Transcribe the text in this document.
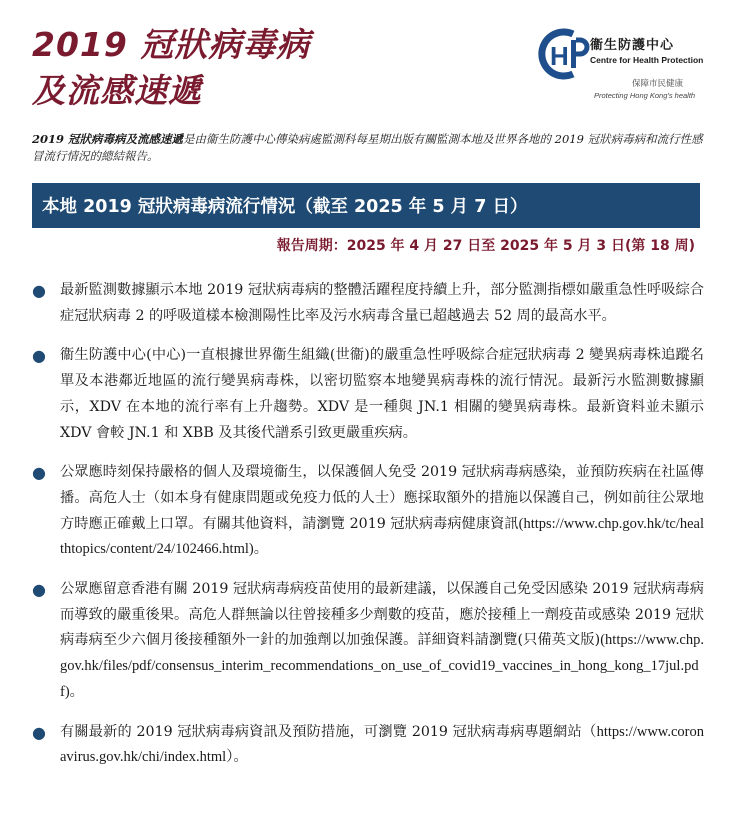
2019 冠狀病毒病
及流感速遞
H 衞生防護中心
Centre for Health Protection
保障市民健康
Protecting Hong Kong's health

2019 冠狀病毒病及流感速遞是由衞生防護中心傳染病處監測科每星期出版有關監測本地及世界各地的 2019 冠狀病毒病和流行性感冒流行情況的總結報告。

本地 2019 冠狀病毒病流行情況（截至 2025 年 5 月 7 日）

報告周期：2025 年 4 月 27 日至 2025 年 5 月 3 日(第 18 周)

● 最新監測數據顯示本地 2019 冠狀病毒病的整體活躍程度持續上升，部分監測指標如嚴重急性呼吸綜合症冠狀病毒 2 的呼吸道樣本檢測陽性比率及污水病毒含量已超越過去 52 周的最高水平。
● 衞生防護中心(中心)一直根據世界衞生組織(世衞)的嚴重急性呼吸綜合症冠狀病毒 2 變異病毒株追蹤名單及本港鄰近地區的流行變異病毒株，以密切監察本地變異病毒株的流行情況。最新污水監測數據顯示，XDV 在本地的流行率有上升趨勢。XDV 是一種與 JN.1 相關的變異病毒株。最新資料並未顯示 XDV 會較 JN.1 和 XBB 及其後代譜系引致更嚴重疾病。
● 公眾應時刻保持嚴格的個人及環境衞生，以保護個人免受 2019 冠狀病毒病感染，並預防疾病在社區傳播。高危人士（如本身有健康問題或免疫力低的人士）應採取額外的措施以保護自己，例如前往公眾地方時應正確戴上口罩。有關其他資料，請瀏覽 2019 冠狀病毒病健康資訊(https://www.chp.gov.hk/tc/healthtopics/content/24/102466.html)。
● 公眾應留意香港有關 2019 冠狀病毒病疫苗使用的最新建議，以保護自己免受因感染 2019 冠狀病毒病而導致的嚴重後果。高危人群無論以往曾接種多少劑數的疫苗，應於接種上一劑疫苗或感染 2019 冠狀病毒病至少六個月後接種額外一針的加強劑以加強保護。詳細資料請瀏覽(只備英文版)(https://www.chp.gov.hk/files/pdf/consensus_interim_recommendations_on_use_of_covid19_vaccines_in_hong_kong_17jul.pdf)。
● 有關最新的 2019 冠狀病毒病資訊及預防措施，可瀏覽 2019 冠狀病毒病專題網站（https://www.coronavirus.gov.hk/chi/index.html）。
